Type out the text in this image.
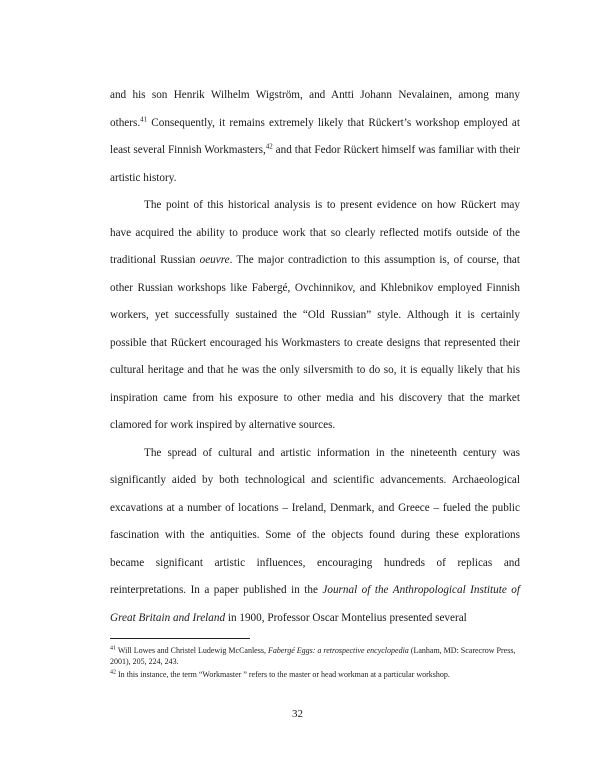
and his son Henrik Wilhelm Wigström, and Antti Johann Nevalainen, among many others.$^{41}$ Consequently, it remains extremely likely that Rückert’s workshop employed at least several Finnish Workmasters,$^{42}$ and that Fedor Rückert himself was familiar with their artistic history.

The point of this historical analysis is to present evidence on how Rückert may have acquired the ability to produce work that so clearly reflected motifs outside of the traditional Russian oeuvre. The major contradiction to this assumption is, of course, that other Russian workshops like Fabergé, Ovchinnikov, and Khlebnikov employed Finnish workers, yet successfully sustained the “Old Russian” style. Although it is certainly possible that Rückert encouraged his Workmasters to create designs that represented their cultural heritage and that he was the only silversmith to do so, it is equally likely that his inspiration came from his exposure to other media and his discovery that the market clamored for work inspired by alternative sources.

The spread of cultural and artistic information in the nineteenth century was significantly aided by both technological and scientific advancements. Archaeological excavations at a number of locations – Ireland, Denmark, and Greece – fueled the public fascination with the antiquities. Some of the objects found during these explorations became significant artistic influences, encouraging hundreds of replicas and reinterpretations. In a paper published in the Journal of the Anthropological Institute of Great Britain and Ireland in 1900, Professor Oscar Montelius presented several

$^{41}$ Will Lowes and Christel Ludewig McCanless, Fabergé Eggs: a retrospective encyclopedia (Lanham, MD: Scarecrow Press, 2001), 205, 224, 243.

$^{42}$ In this instance, the term “Workmaster ” refers to the master or head workman at a particular workshop.

32
